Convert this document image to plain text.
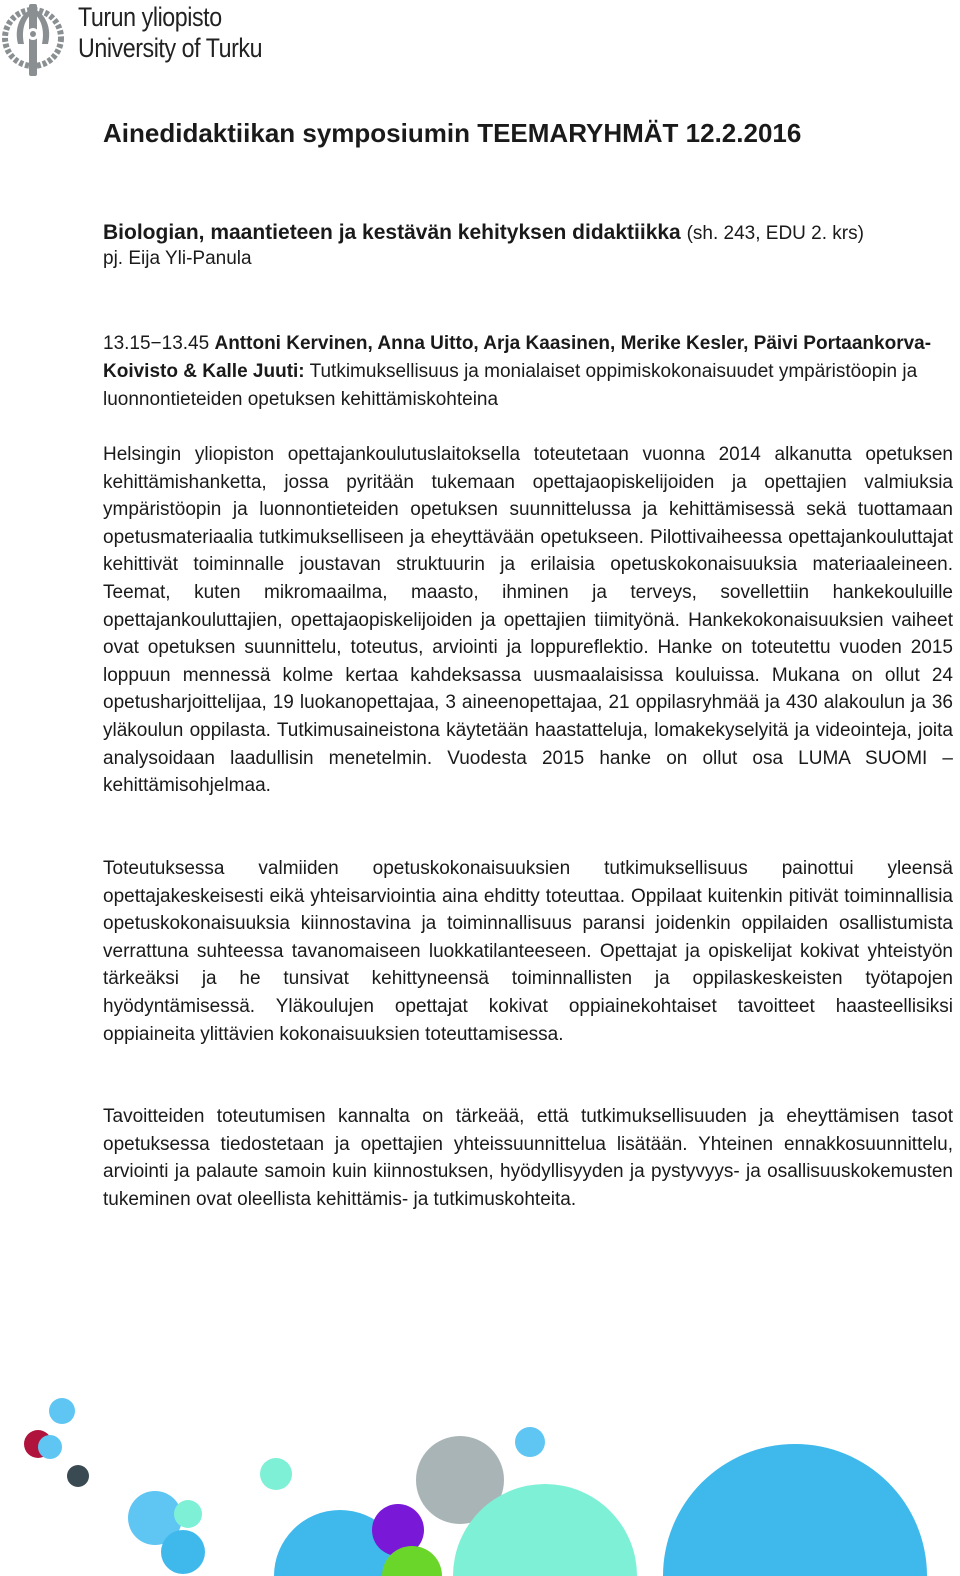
Turun yliopisto
University of Turku
Ainedidaktiikan symposiumin TEEMARYHMÄT 12.2.2016
Biologian, maantieteen ja kestävän kehityksen didaktiikka (sh. 243, EDU 2. krs)
pj. Eija Yli-Panula
13.15−13.45 Anttoni Kervinen, Anna Uitto, Arja Kaasinen, Merike Kesler, Päivi Portaankorva-Koivisto & Kalle Juuti: Tutkimuksellisuus ja monialaiset oppimiskokonaisuudet ympäristöopin ja luonnontieteiden opetuksen kehittämiskohteina

Helsingin yliopiston opettajankoulutuslaitoksella toteutetaan vuonna 2014 alkanutta opetuksen kehittämishanketta, jossa pyritään tukemaan opettajaopiskelijoiden ja opettajien valmiuksia ympäristöopin ja luonnontieteiden opetuksen suunnittelussa ja kehittämisessä sekä tuottamaan opetusmateriaalia tutkimukselliseen ja eheyttävään opetukseen. Pilottivaiheessa opettajankouluttajat kehittivät toiminnalle joustavan struktuurin ja erilaisia opetuskokonaisuuksia materiaaleineen. Teemat, kuten mikromaailma, maasto, ihminen ja terveys, sovellettiin hankekouluille opettajankouluttajien, opettajaopiskelijoiden ja opettajien tiimityönä. Hankekokonaisuuksien vaiheet ovat opetuksen suunnittelu, toteutus, arviointi ja loppureflektio. Hanke on toteutettu vuoden 2015 loppuun mennessä kolme kertaa kahdeksassa uusmaalaisissa kouluissa. Mukana on ollut 24 opetusharjoittelijaa, 19 luokanopettajaa, 3 aineenopettajaa, 21 oppilasryhmää ja 430 alakoulun ja 36 yläkoulun oppilasta. Tutkimusaineistona käytetään haastatteluja, lomakekyselyitä ja videointeja, joita analysoidaan laadullisin menetelmin. Vuodesta 2015 hanke on ollut osa LUMA SUOMI – kehittämisohjelmaa.

Toteutuksessa valmiiden opetuskokonaisuuksien tutkimuksellisuus painottui yleensä opettajakeskeisesti eikä yhteisarviointia aina ehditty toteuttaa. Oppilaat kuitenkin pitivät toiminnallisia opetuskokonaisuuksia kiinnostavina ja toiminnallisuus paransi joidenkin oppilaiden osallistumista verrattuna suhteessa tavanomaiseen luokkatilanteeseen. Opettajat ja opiskelijat kokivat yhteistyön tärkeäksi ja he tunsivat kehittyneensä toiminnallisten ja oppilaskeskeisten työtapojen hyödyntämisessä. Yläkoulujen opettajat kokivat oppiainekohtaiset tavoitteet haasteellisiksi oppiaineita ylittävien kokonaisuuksien toteuttamisessa.

Tavoitteiden toteutumisen kannalta on tärkeää, että tutkimuksellisuuden ja eheyttämisen tasot opetuksessa tiedostetaan ja opettajien yhteissuunnittelua lisätään. Yhteinen ennakkosuunnittelu, arviointi ja palaute samoin kuin kiinnostuksen, hyödyllisyyden ja pystyvyys- ja osallisuuskokemusten tukeminen ovat oleellista kehittämis- ja tutkimuskohteita.
